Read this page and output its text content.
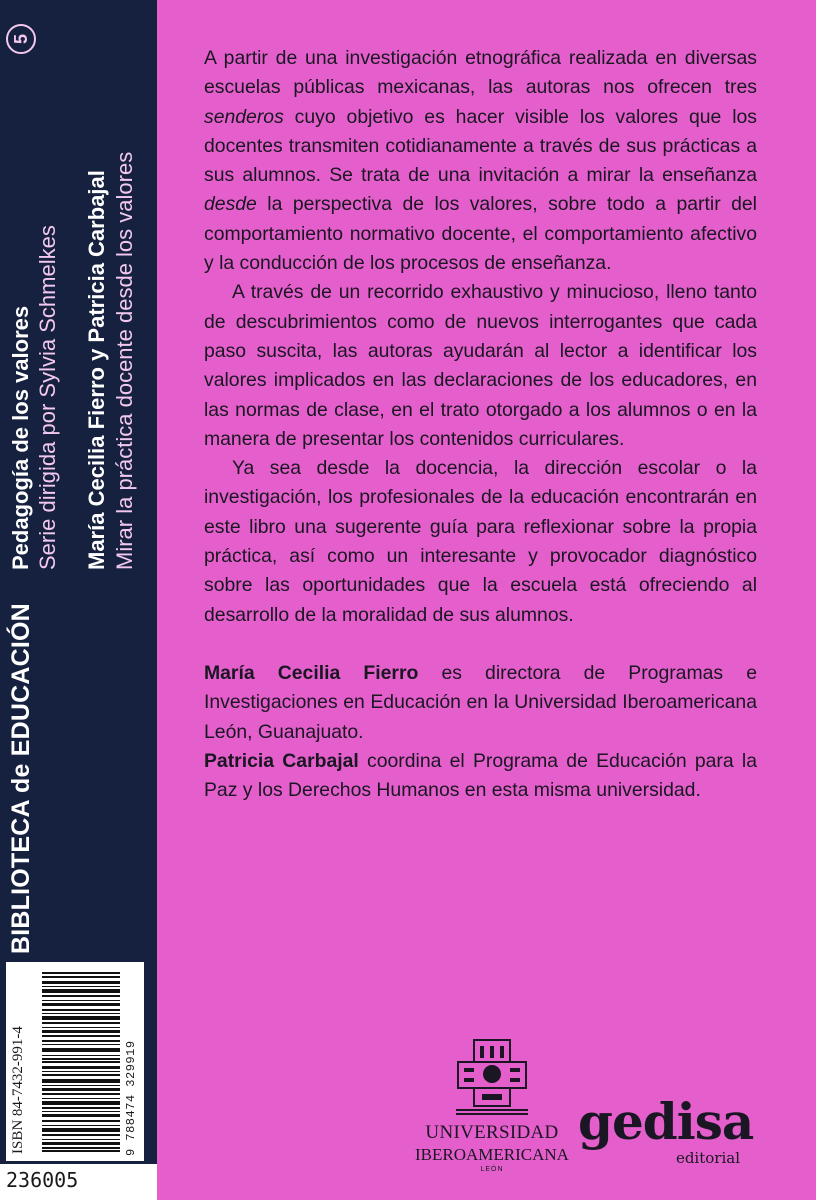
BIBLIOTECA de EDUCACIÓN
Pedagogía de los valores Serie dirigida por Sylvia Schmelkes
5
María Cecilia Fierro y Patricia Carbajal Mirar la práctica docente desde los valores
ISBN 84-7432-991-4	9 788474 329919
236005

A partir de una investigación etnográfica realizada en diversas escuelas públicas mexicanas, las autoras nos ofrecen tres senderos cuyo objetivo es hacer visible los valores que los docentes transmiten cotidianamente a través de sus prácticas a sus alumnos. Se trata de una invitación a mirar la enseñanza desde la perspectiva de los valores, sobre todo a partir del comportamiento normativo docente, el comportamiento afectivo y la conducción de los procesos de enseñanza.

A través de un recorrido exhaustivo y minucioso, lleno tanto de descubrimientos como de nuevos interrogantes que cada paso suscita, las autoras ayudarán al lector a identificar los valores implicados en las declaraciones de los educadores, en las normas de clase, en el trato otorgado a los alumnos o en la manera de presentar los contenidos curriculares.

Ya sea desde la docencia, la dirección escolar o la investigación, los profesionales de la educación encontrarán en este libro una sugerente guía para reflexionar sobre la propia práctica, así como un interesante y provocador diagnóstico sobre las oportunidades que la escuela está ofreciendo al desarrollo de la moralidad de sus alumnos.

María Cecilia Fierro es directora de Programas e Investigaciones en Educación en la Universidad Iberoamericana León, Guanajuato.

Patricia Carbajal coordina el Programa de Educación para la Paz y los Derechos Humanos en esta misma universidad.

UNIVERSIDAD
IBEROAMERICANA
LEÓN
gedisa
editorial
